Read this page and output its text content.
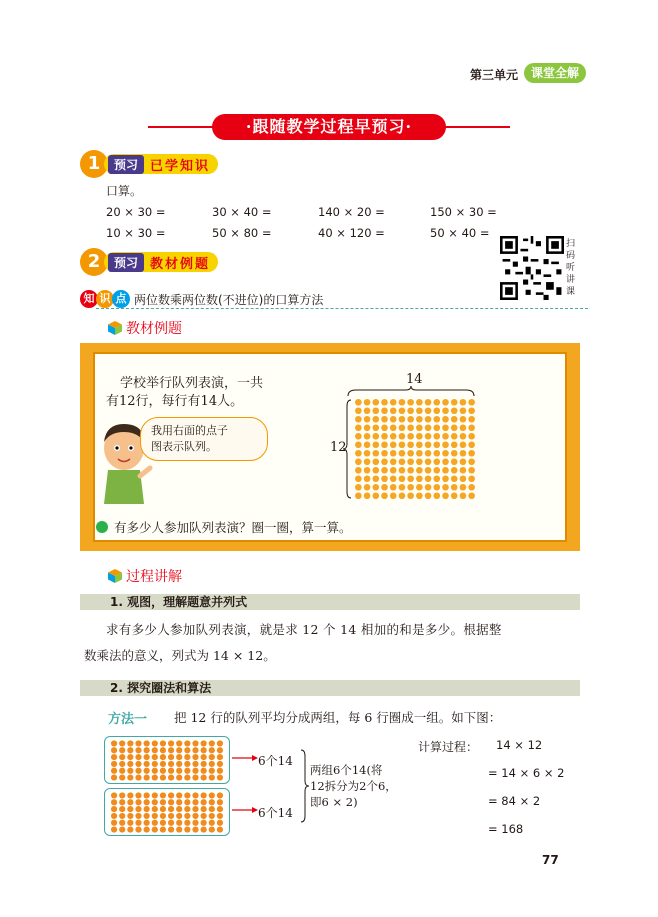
第三单元	课堂全解
·跟随教学过程早预习·
1	预习 已学知识
口算。
20 × 30 =	30 × 40 =	140 × 20 =	150 × 30 =
10 × 30 =	50 × 80 =	40 × 120 =	50 × 40 =
扫
码
听
讲
课
2	预习 教材例题
知 识 点 两位数乘两位数(不进位)的口算方法
教材例题
学校举行队列表演，一共
有12行，每行有14人。
我用右面的点子
图表示队列。
14
12
有多少人参加队列表演？圈一圈，算一算。
过程讲解
1. 观图，理解题意并列式
求有多少人参加队列表演，就是求 12 个 14 相加的和是多少。根据整
数乘法的意义，列式为 14 × 12。
2. 探究圈法和算法
方法一 把 12 行的队列平均分成两组，每 6 行圈成一组。如下图：
6个14
6个14
两组6个14(将
12拆分为2个6，
即6 × 2)
计算过程： 14 × 12
= 14 × 6 × 2
= 84 × 2
= 168
77
